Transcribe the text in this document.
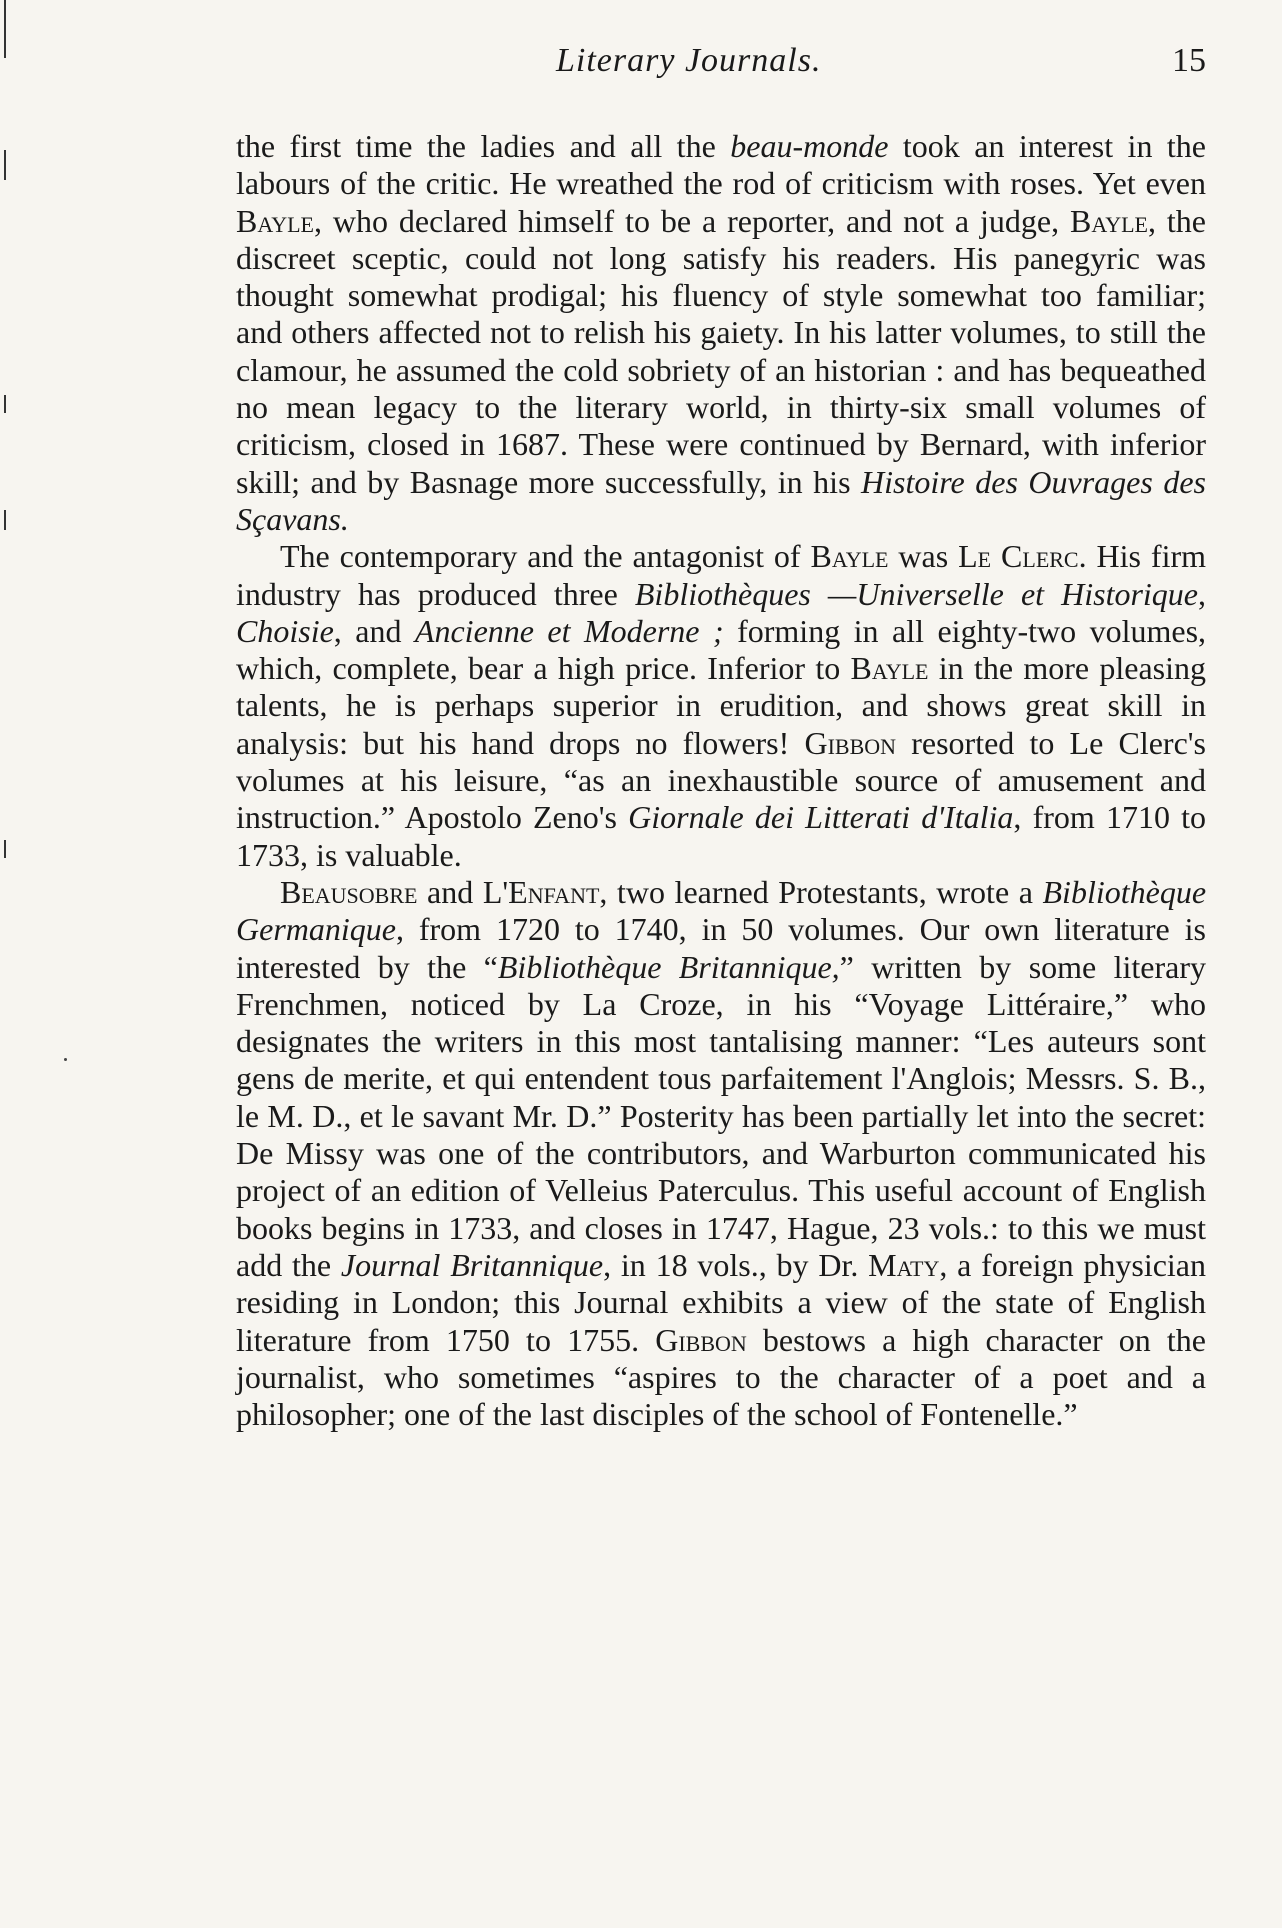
Literary Journals.	15

the first time the ladies and all the beau-monde took an interest in the labours of the critic. He wreathed the rod of criticism with roses. Yet even Bayle, who declared himself to be a reporter, and not a judge, Bayle, the discreet sceptic, could not long satisfy his readers. His panegyric was thought somewhat prodigal; his fluency of style somewhat too familiar; and others affected not to relish his gaiety. In his latter volumes, to still the clamour, he assumed the cold sobriety of an historian : and has bequeathed no mean legacy to the literary world, in thirty-six small volumes of criticism, closed in 1687. These were continued by Bernard, with inferior skill; and by Basnage more successfully, in his Histoire des Ouvrages des Sçavans.

The contemporary and the antagonist of Bayle was Le Clerc. His firm industry has produced three Bibliothèques —Universelle et Historique, Choisie, and Ancienne et Moderne ; forming in all eighty-two volumes, which, complete, bear a high price. Inferior to Bayle in the more pleasing talents, he is perhaps superior in erudition, and shows great skill in analysis: but his hand drops no flowers! Gibbon resorted to Le Clerc's volumes at his leisure, “as an inexhaustible source of amusement and instruction.” Apostolo Zeno's Giornale dei Litterati d'Italia, from 1710 to 1733, is valuable.

Beausobre and L'Enfant, two learned Protestants, wrote a Bibliothèque Germanique, from 1720 to 1740, in 50 volumes. Our own literature is interested by the “Bibliothèque Britannique,” written by some literary Frenchmen, noticed by La Croze, in his “Voyage Littéraire,” who designates the writers in this most tantalising manner: “Les auteurs sont gens de merite, et qui entendent tous parfaitement l'Anglois; Messrs. S. B., le M. D., et le savant Mr. D.” Posterity has been partially let into the secret: De Missy was one of the contributors, and Warburton communicated his project of an edition of Velleius Paterculus. This useful account of English books begins in 1733, and closes in 1747, Hague, 23 vols.: to this we must add the Journal Britannique, in 18 vols., by Dr. Maty, a foreign physician residing in London; this Journal exhibits a view of the state of English literature from 1750 to 1755. Gibbon bestows a high character on the journalist, who sometimes “aspires to the character of a poet and a philosopher; one of the last disciples of the school of Fontenelle.”
